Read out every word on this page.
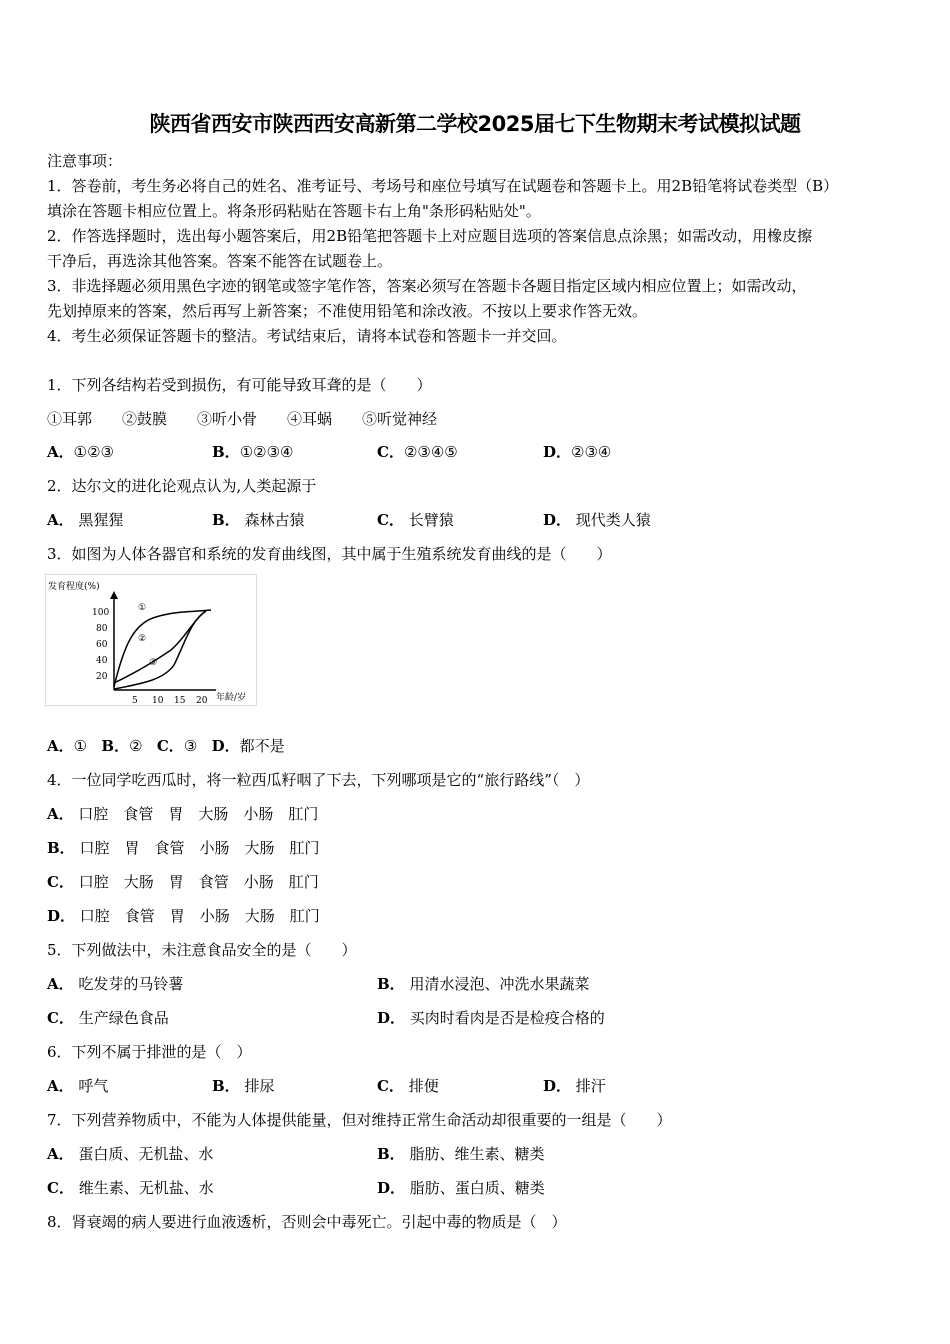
陕西省西安市陕西西安高新第二学校2025届七下生物期末考试模拟试题
注意事项：
1．答卷前，考生务必将自己的姓名、准考证号、考场号和座位号填写在试题卷和答题卡上。用2B铅笔将试卷类型（B）
填涂在答题卡相应位置上。将条形码粘贴在答题卡右上角"条形码粘贴处"。
2．作答选择题时，选出每小题答案后，用2B铅笔把答题卡上对应题目选项的答案信息点涂黑；如需改动，用橡皮擦
干净后，再选涂其他答案。答案不能答在试题卷上。
3．非选择题必须用黑色字迹的钢笔或签字笔作答，答案必须写在答题卡各题目指定区域内相应位置上；如需改动，
先划掉原来的答案，然后再写上新答案；不准使用铅笔和涂改液。不按以上要求作答无效。
4．考生必须保证答题卡的整洁。考试结束后，请将本试卷和答题卡一并交回。
1．下列各结构若受到损伤，有可能导致耳聋的是（　　）
①耳郭　　②鼓膜　　③听小骨　　④耳蜗　　⑤听觉神经
A．①②③	B．①②③④	C．②③④⑤	D．②③④
2．达尔文的进化论观点认为,人类起源于
A． 黑猩猩	B． 森林古猿	C． 长臂猿	D． 现代类人猿
3．如图为人体各器官和系统的发育曲线图，其中属于生殖系统发育曲线的是（　　）
发育程度(%)
100
80
60
40
20
5 10 15 20 年龄/岁
①
②
③
A．① B．② C．③ D．都不是
4．一位同学吃西瓜时，将一粒西瓜籽咽了下去，下列哪项是它的“旅行路线”（　）
A． 口腔　食管　胃　大肠　小肠　肛门
B． 口腔　胃　食管　小肠　大肠　肛门
C． 口腔　大肠　胃　食管　小肠　肛门
D． 口腔　食管　胃　小肠　大肠　肛门
5．下列做法中，未注意食品安全的是（　　）
A． 吃发芽的马铃薯	B． 用清水浸泡、冲洗水果蔬菜
C． 生产绿色食品	D． 买肉时看肉是否是检疫合格的
6．下列不属于排泄的是（　）
A． 呼气	B． 排尿	C． 排便	D． 排汗
7．下列营养物质中，不能为人体提供能量，但对维持正常生命活动却很重要的一组是（　　）
A． 蛋白质、无机盐、水	B． 脂肪、维生素、糖类
C． 维生素、无机盐、水	D． 脂肪、蛋白质、糖类
8．肾衰竭的病人要进行血液透析，否则会中毒死亡。引起中毒的物质是（　）
